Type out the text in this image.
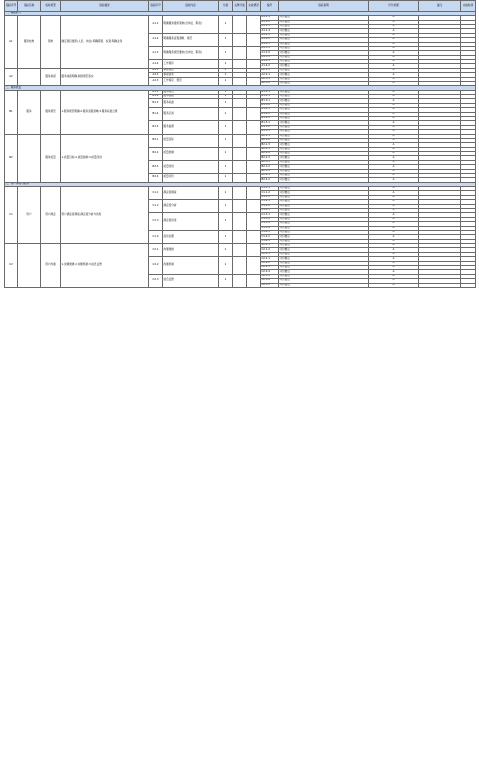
指标序号	指标名称	指标类型	指标描述	指标序号	指标内容	分值	关键分值	完成情况	编号	指标说明	评分依据	备注	完成时间
一、基础能力													
A1	服务结构	架构	确定项目组织(人员、岗位),明确职责、权责;明确业务	A1.1	明确服务组织架构(含岗位、职责)	1			A1.1.1	评价要点	A		
									A1.1.2	评价要点	A		
									A1.1.3	评价要点	A		
									A1.1.4	评价要点	A		
				A1.2	明确服务流程清晰、规范	1			A1.2.1	评价要点	A		
									A1.2.2	评价要点	A		
									A1.2.3	评价要点	A		
				A1.3	明确服务规范要求(含岗位、职责)	1			A1.3.1	评价要点	A		
									A1.3.2	评价要点	A		
									A1.3.3	评价要点	A		
				A1.4	工作程序	1			A1.4.1	评价要点	A		
									A1.4.2	评价要点	A		
A2		服务承诺	服务承诺明确,制度规范落实	A2.1	承诺规范	1			A2.1.1	评价要点	A		
				A2.2	承诺落实	1			A2.2.1	评价要点	A		
				A2.3	工作程序、规范	1			A2.3.1	评价要点	A		
									A2.3.2	评价要点	A		
二、服务质量													
B1	服务	服务规范	1.服务规范明确;2.服务流程清晰;3.服务标准合规	B1.1	服务规范	1			B1.1.1	评价要点	A		
				B1.2	服务流程	1			B1.2.1	评价要点	A		
				B1.3	服务标准	1			B1.3.1	评价要点	A		
									B1.3.2	评价要点	A		
				B1.4	服务记录	1			B1.4.1	评价要点	A		
									B1.4.2	评价要点	A		
									B1.4.3	评价要点	A		
				B1.5	服务监督	1			B1.5.1	评价要点	A		
									B1.5.2	评价要点	A		
									B1.5.3	评价要点	A		
B2		服务质量	1.质量目标;2.质量控制;3.质量改进	B2.1	质量目标	1			B2.1.1	评价要点	A		
									B2.1.2	评价要点	A		
									B2.1.3	评价要点	A		
				B2.2	质量控制	1			B2.2.1	评价要点	A		
									B2.2.2	评价要点	A		
									B2.2.3	评价要点	A		
				B2.3	质量改进	1			B2.3.1	评价要点	A		
									B2.3.2	评价要点	A		
									B2.3.3	评价要点	A		
				B2.4	质量评价	1			B2.4.1	评价要点	A		
									B2.4.2	评价要点	A		
三、用户体验与服务													
C1	用户	用户满意	用户满意度调查;满意度分析与改进	C1.1	满意度调查	1			C1.1.1	评价要点	A		
									C1.1.2	评价要点	A		
									C1.1.3	评价要点	A		
				C1.2	满意度分析	1			C1.2.1	评价要点	A		
									C1.2.2	评价要点	A		
									C1.2.3	评价要点	A		
				C1.3	满意度改进	1			C1.3.1	评价要点	A		
									C1.3.2	评价要点	A		
									C1.3.3	评价要点	A		
									C1.3.4	评价要点	A		
				C1.4	投诉处理	1			C1.4.1	评价要点	A		
									C1.4.2	评价要点	A		
									C1.4.3	评价要点	A		
C2		用户沟通	1.沟通渠道;2.沟通机制;3.信息反馈	C2.1	沟通渠道	1			C2.1.1	评价要点	A		
									C2.1.2	评价要点	A		
									C2.1.3	评价要点	A		
				C2.2	沟通机制	1			C2.2.1	评价要点	A		
									C2.2.2	评价要点	A		
									C2.2.3	评价要点	A		
									C2.2.4	评价要点	A		
				C2.3	信息反馈	1			C2.3.1	评价要点	A		
									C2.3.2	评价要点	A		
									C2.3.3	评价要点	A		
